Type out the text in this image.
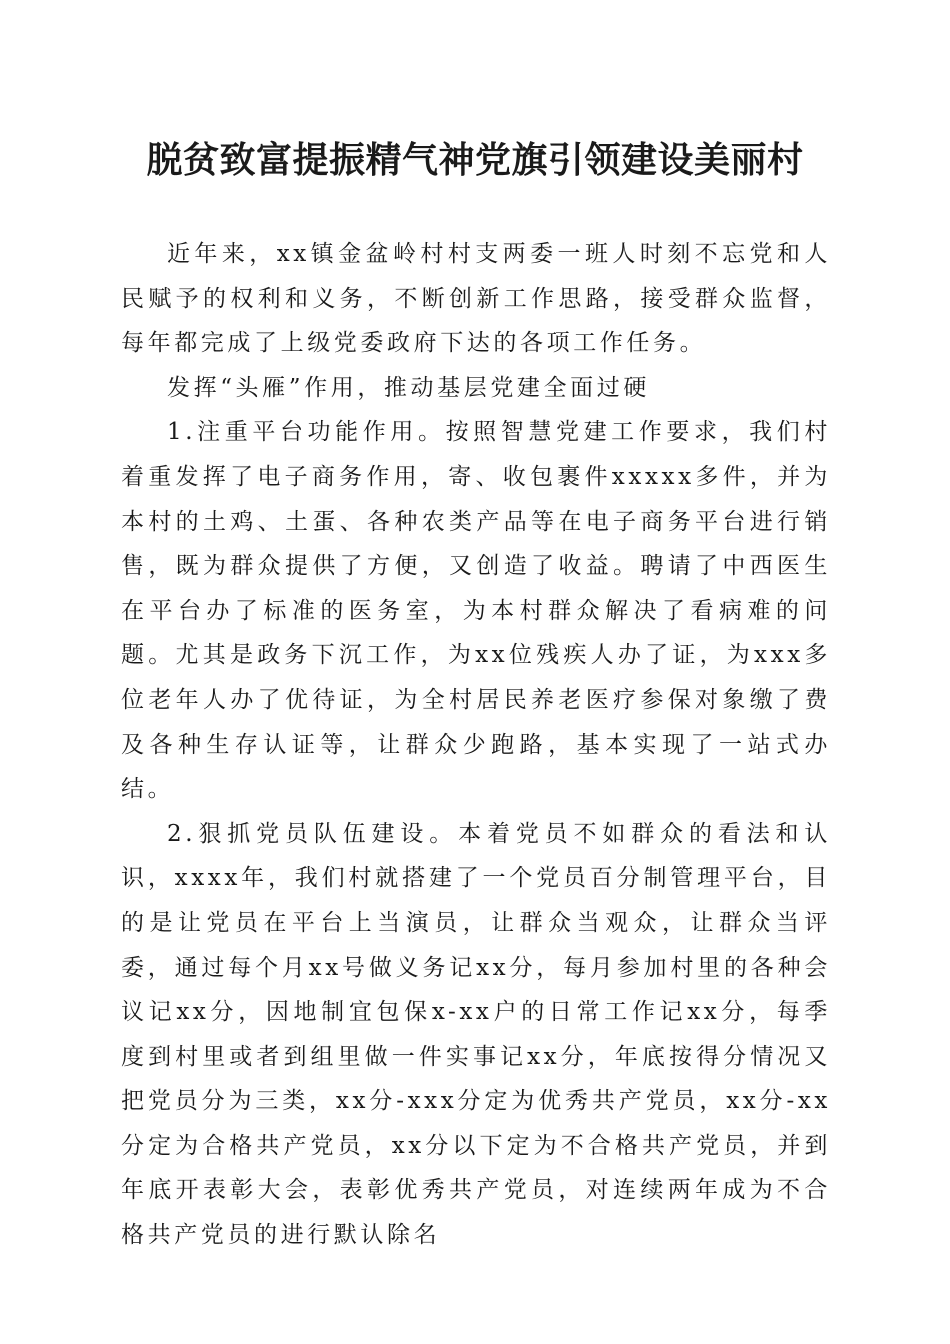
脱贫致富提振精气神党旗引领建设美丽村

近年来，xx镇金盆岭村村支两委一班人时刻不忘党和人民赋予的权利和义务，不断创新工作思路，接受群众监督，每年都完成了上级党委政府下达的各项工作任务。

发挥“头雁”作用，推动基层党建全面过硬

1.注重平台功能作用。按照智慧党建工作要求，我们村着重发挥了电子商务作用，寄、收包裹件xxxxx多件，并为本村的土鸡、土蛋、各种农类产品等在电子商务平台进行销售，既为群众提供了方便，又创造了收益。聘请了中西医生在平台办了标准的医务室，为本村群众解决了看病难的问题。尤其是政务下沉工作，为xx位残疾人办了证，为xxx多位老年人办了优待证，为全村居民养老医疗参保对象缴了费及各种生存认证等，让群众少跑路，基本实现了一站式办结。

2.狠抓党员队伍建设。本着党员不如群众的看法和认识，xxxx年，我们村就搭建了一个党员百分制管理平台，目的是让党员在平台上当演员，让群众当观众，让群众当评委，通过每个月xx号做义务记xx分，每月参加村里的各种会议记xx分，因地制宜包保x-xx户的日常工作记xx分，每季度到村里或者到组里做一件实事记xx分，年底按得分情况又把党员分为三类，xx分-xxx分定为优秀共产党员，xx分-xx分定为合格共产党员，xx分以下定为不合格共产党员，并到年底开表彰大会，表彰优秀共产党员，对连续两年成为不合格共产党员的进行默认除名
